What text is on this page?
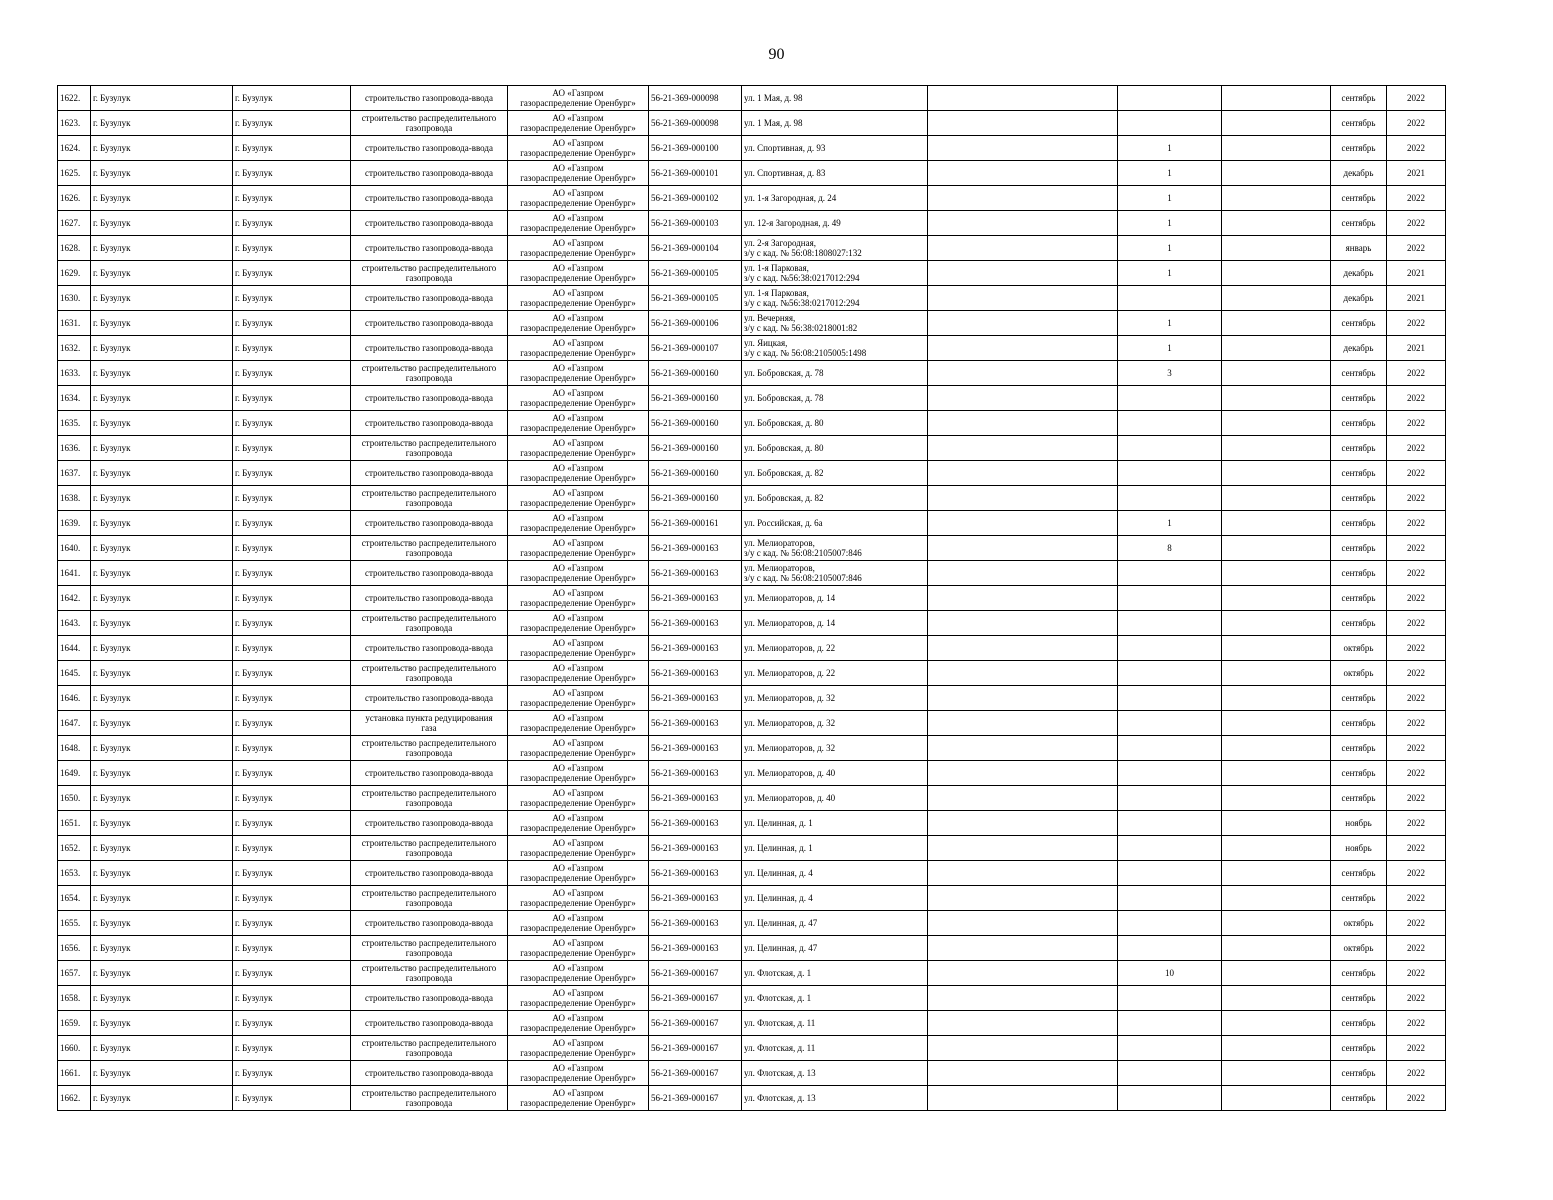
90
1622.	г. Бузулук	г. Бузулук	строительство газопровода-ввода	АО «Газпром
газораспределение Оренбург»	56-21-369-000098	ул. 1 Мая, д. 98				сентябрь	2022
1623.	г. Бузулук	г. Бузулук	строительство распределительного
газопровода	АО «Газпром
газораспределение Оренбург»	56-21-369-000098	ул. 1 Мая, д. 98				сентябрь	2022
1624.	г. Бузулук	г. Бузулук	строительство газопровода-ввода	АО «Газпром
газораспределение Оренбург»	56-21-369-000100	ул. Спортивная, д. 93		1		сентябрь	2022
1625.	г. Бузулук	г. Бузулук	строительство газопровода-ввода	АО «Газпром
газораспределение Оренбург»	56-21-369-000101	ул. Спортивная, д. 83		1		декабрь	2021
1626.	г. Бузулук	г. Бузулук	строительство газопровода-ввода	АО «Газпром
газораспределение Оренбург»	56-21-369-000102	ул. 1-я Загородная, д. 24		1		сентябрь	2022
1627.	г. Бузулук	г. Бузулук	строительство газопровода-ввода	АО «Газпром
газораспределение Оренбург»	56-21-369-000103	ул. 12-я Загородная, д. 49		1		сентябрь	2022
1628.	г. Бузулук	г. Бузулук	строительство газопровода-ввода	АО «Газпром
газораспределение Оренбург»	56-21-369-000104	ул. 2-я Загородная,
з/у с кад. № 56:08:1808027:132		1		январь	2022
1629.	г. Бузулук	г. Бузулук	строительство распределительного
газопровода	АО «Газпром
газораспределение Оренбург»	56-21-369-000105	ул. 1-я Парковая,
з/у с кад. №56:38:0217012:294		1		декабрь	2021
1630.	г. Бузулук	г. Бузулук	строительство газопровода-ввода	АО «Газпром
газораспределение Оренбург»	56-21-369-000105	ул. 1-я Парковая,
з/у с кад. №56:38:0217012:294				декабрь	2021
1631.	г. Бузулук	г. Бузулук	строительство газопровода-ввода	АО «Газпром
газораспределение Оренбург»	56-21-369-000106	ул. Вечерняя,
з/у с кад. № 56:38:0218001:82		1		сентябрь	2022
1632.	г. Бузулук	г. Бузулук	строительство газопровода-ввода	АО «Газпром
газораспределение Оренбург»	56-21-369-000107	ул. Яицкая,
з/у с кад. № 56:08:2105005:1498		1		декабрь	2021
1633.	г. Бузулук	г. Бузулук	строительство распределительного
газопровода	АО «Газпром
газораспределение Оренбург»	56-21-369-000160	ул. Бобровская, д. 78		3		сентябрь	2022
1634.	г. Бузулук	г. Бузулук	строительство газопровода-ввода	АО «Газпром
газораспределение Оренбург»	56-21-369-000160	ул. Бобровская, д. 78				сентябрь	2022
1635.	г. Бузулук	г. Бузулук	строительство газопровода-ввода	АО «Газпром
газораспределение Оренбург»	56-21-369-000160	ул. Бобровская, д. 80				сентябрь	2022
1636.	г. Бузулук	г. Бузулук	строительство распределительного
газопровода	АО «Газпром
газораспределение Оренбург»	56-21-369-000160	ул. Бобровская, д. 80				сентябрь	2022
1637.	г. Бузулук	г. Бузулук	строительство газопровода-ввода	АО «Газпром
газораспределение Оренбург»	56-21-369-000160	ул. Бобровская, д. 82				сентябрь	2022
1638.	г. Бузулук	г. Бузулук	строительство распределительного
газопровода	АО «Газпром
газораспределение Оренбург»	56-21-369-000160	ул. Бобровская, д. 82				сентябрь	2022
1639.	г. Бузулук	г. Бузулук	строительство газопровода-ввода	АО «Газпром
газораспределение Оренбург»	56-21-369-000161	ул. Российская, д. 6а		1		сентябрь	2022
1640.	г. Бузулук	г. Бузулук	строительство распределительного
газопровода	АО «Газпром
газораспределение Оренбург»	56-21-369-000163	ул. Мелиораторов,
з/у с кад. № 56:08:2105007:846		8		сентябрь	2022
1641.	г. Бузулук	г. Бузулук	строительство газопровода-ввода	АО «Газпром
газораспределение Оренбург»	56-21-369-000163	ул. Мелиораторов,
з/у с кад. № 56:08:2105007:846				сентябрь	2022
1642.	г. Бузулук	г. Бузулук	строительство газопровода-ввода	АО «Газпром
газораспределение Оренбург»	56-21-369-000163	ул. Мелиораторов, д. 14				сентябрь	2022
1643.	г. Бузулук	г. Бузулук	строительство распределительного
газопровода	АО «Газпром
газораспределение Оренбург»	56-21-369-000163	ул. Мелиораторов, д. 14				сентябрь	2022
1644.	г. Бузулук	г. Бузулук	строительство газопровода-ввода	АО «Газпром
газораспределение Оренбург»	56-21-369-000163	ул. Мелиораторов, д. 22				октябрь	2022
1645.	г. Бузулук	г. Бузулук	строительство распределительного
газопровода	АО «Газпром
газораспределение Оренбург»	56-21-369-000163	ул. Мелиораторов, д. 22				октябрь	2022
1646.	г. Бузулук	г. Бузулук	строительство газопровода-ввода	АО «Газпром
газораспределение Оренбург»	56-21-369-000163	ул. Мелиораторов, д. 32				сентябрь	2022
1647.	г. Бузулук	г. Бузулук	установка пункта редуцирования
газа	АО «Газпром
газораспределение Оренбург»	56-21-369-000163	ул. Мелиораторов, д. 32				сентябрь	2022
1648.	г. Бузулук	г. Бузулук	строительство распределительного
газопровода	АО «Газпром
газораспределение Оренбург»	56-21-369-000163	ул. Мелиораторов, д. 32				сентябрь	2022
1649.	г. Бузулук	г. Бузулук	строительство газопровода-ввода	АО «Газпром
газораспределение Оренбург»	56-21-369-000163	ул. Мелиораторов, д. 40				сентябрь	2022
1650.	г. Бузулук	г. Бузулук	строительство распределительного
газопровода	АО «Газпром
газораспределение Оренбург»	56-21-369-000163	ул. Мелиораторов, д. 40				сентябрь	2022
1651.	г. Бузулук	г. Бузулук	строительство газопровода-ввода	АО «Газпром
газораспределение Оренбург»	56-21-369-000163	ул. Целинная, д. 1				ноябрь	2022
1652.	г. Бузулук	г. Бузулук	строительство распределительного
газопровода	АО «Газпром
газораспределение Оренбург»	56-21-369-000163	ул. Целинная, д. 1				ноябрь	2022
1653.	г. Бузулук	г. Бузулук	строительство газопровода-ввода	АО «Газпром
газораспределение Оренбург»	56-21-369-000163	ул. Целинная, д. 4				сентябрь	2022
1654.	г. Бузулук	г. Бузулук	строительство распределительного
газопровода	АО «Газпром
газораспределение Оренбург»	56-21-369-000163	ул. Целинная, д. 4				сентябрь	2022
1655.	г. Бузулук	г. Бузулук	строительство газопровода-ввода	АО «Газпром
газораспределение Оренбург»	56-21-369-000163	ул. Целинная, д. 47				октябрь	2022
1656.	г. Бузулук	г. Бузулук	строительство распределительного
газопровода	АО «Газпром
газораспределение Оренбург»	56-21-369-000163	ул. Целинная, д. 47				октябрь	2022
1657.	г. Бузулук	г. Бузулук	строительство распределительного
газопровода	АО «Газпром
газораспределение Оренбург»	56-21-369-000167	ул. Флотская, д. 1		10		сентябрь	2022
1658.	г. Бузулук	г. Бузулук	строительство газопровода-ввода	АО «Газпром
газораспределение Оренбург»	56-21-369-000167	ул. Флотская, д. 1				сентябрь	2022
1659.	г. Бузулук	г. Бузулук	строительство газопровода-ввода	АО «Газпром
газораспределение Оренбург»	56-21-369-000167	ул. Флотская, д. 11				сентябрь	2022
1660.	г. Бузулук	г. Бузулук	строительство распределительного
газопровода	АО «Газпром
газораспределение Оренбург»	56-21-369-000167	ул. Флотская, д. 11				сентябрь	2022
1661.	г. Бузулук	г. Бузулук	строительство газопровода-ввода	АО «Газпром
газораспределение Оренбург»	56-21-369-000167	ул. Флотская, д. 13				сентябрь	2022
1662.	г. Бузулук	г. Бузулук	строительство распределительного
газопровода	АО «Газпром
газораспределение Оренбург»	56-21-369-000167	ул. Флотская, д. 13				сентябрь	2022
